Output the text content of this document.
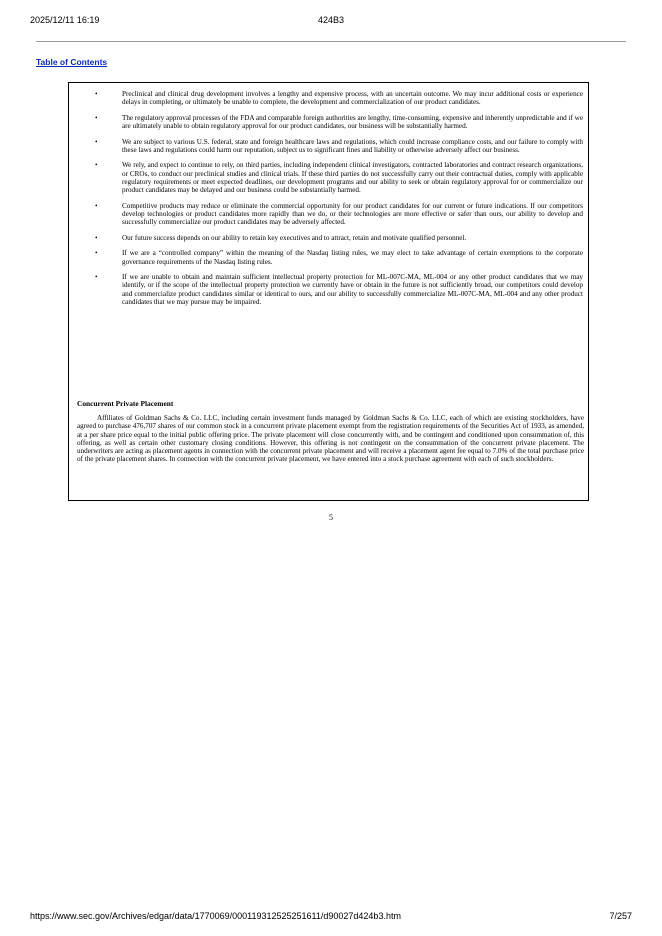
2025/12/11 16:19	424B3
Table of Contents
•	Preclinical and clinical drug development involves a lengthy and expensive process, with an uncertain outcome. We may incur additional costs or experience delays in completing, or ultimately be unable to complete, the development and commercialization of our product candidates.
•	The regulatory approval processes of the FDA and comparable foreign authorities are lengthy, time-consuming, expensive and inherently unpredictable and if we are ultimately unable to obtain regulatory approval for our product candidates, our business will be substantially harmed.
•	We are subject to various U.S. federal, state and foreign healthcare laws and regulations, which could increase compliance costs, and our failure to comply with these laws and regulations could harm our reputation, subject us to significant fines and liability or otherwise adversely affect our business.
•	We rely, and expect to continue to rely, on third parties, including independent clinical investigators, contracted laboratories and contract research organizations, or CROs, to conduct our preclinical studies and clinical trials. If these third parties do not successfully carry out their contractual duties, comply with applicable regulatory requirements or meet expected deadlines, our development programs and our ability to seek or obtain regulatory approval for or commercialize our product candidates may be delayed and our business could be substantially harmed.
•	Competitive products may reduce or eliminate the commercial opportunity for our product candidates for our current or future indications. If our competitors develop technologies or product candidates more rapidly than we do, or their technologies are more effective or safer than ours, our ability to develop and successfully commercialize our product candidates may be adversely affected.
•	Our future success depends on our ability to retain key executives and to attract, retain and motivate qualified personnel.
•	If we are a “controlled company” within the meaning of the Nasdaq listing rules, we may elect to take advantage of certain exemptions to the corporate governance requirements of the Nasdaq listing rules.
•	If we are unable to obtain and maintain sufficient intellectual property protection for ML-007C-MA, ML-004 or any other product candidates that we may identify, or if the scope of the intellectual property protection we currently have or obtain in the future is not sufficiently broad, our competitors could develop and commercialize product candidates similar or identical to ours, and our ability to successfully commercialize ML-007C-MA, ML-004 and any other product candidates that we may pursue may be impaired.
Concurrent Private Placement

Affiliates of Goldman Sachs & Co. LLC, including certain investment funds managed by Goldman Sachs & Co. LLC, each of which are existing stockholders, have agreed to purchase 476,707 shares of our common stock in a concurrent private placement exempt from the registration requirements of the Securities Act of 1933, as amended, at a per share price equal to the initial public offering price. The private placement will close concurrently with, and be contingent and conditioned upon consummation of, this offering, as well as certain other customary closing conditions. However, this offering is not contingent on the consummation of the concurrent private placement. The underwriters are acting as placement agents in connection with the concurrent private placement and will receive a placement agent fee equal to 7.0% of the total purchase price of the private placement shares. In connection with the concurrent private placement, we have entered into a stock purchase agreement with each of such stockholders.

5
https://www.sec.gov/Archives/edgar/data/1770069/000119312525251611/d90027d424b3.htm	7/257
